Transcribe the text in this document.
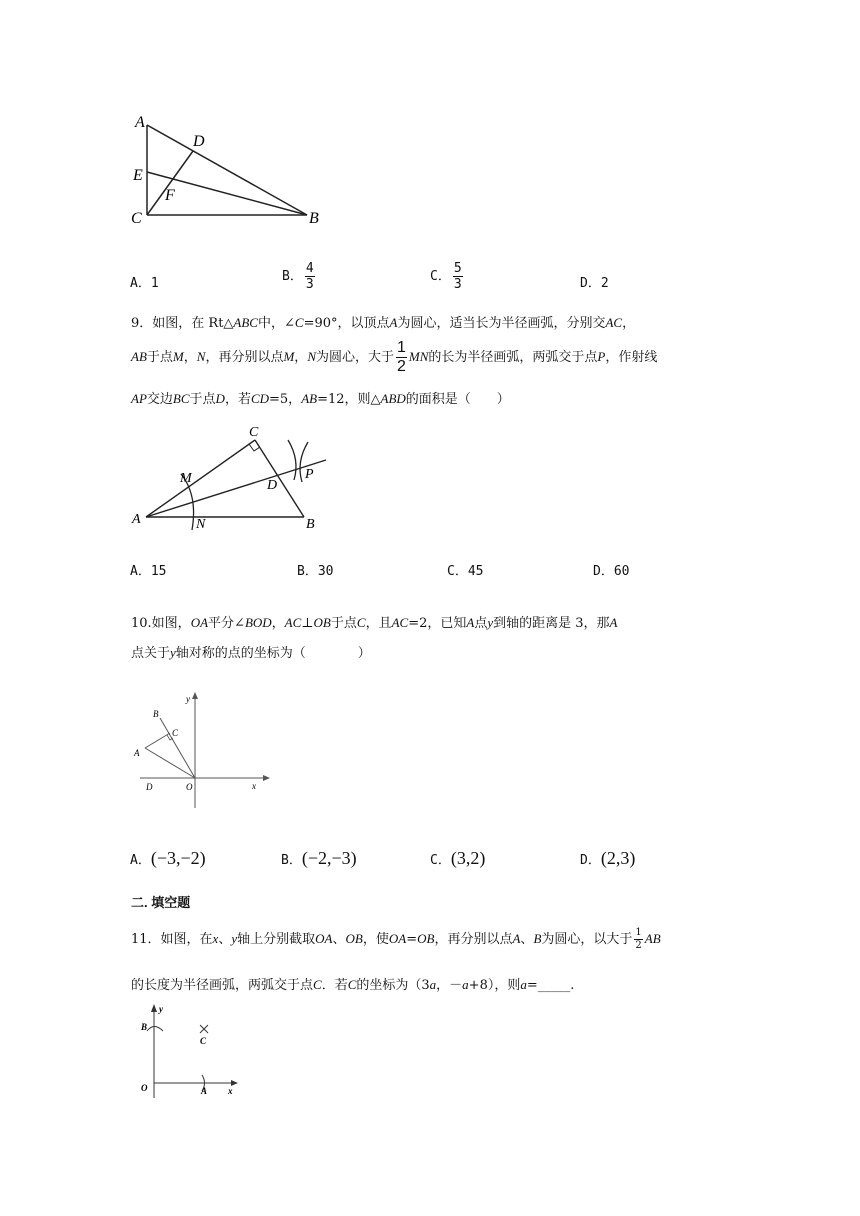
A
D
E
F
C	B
A．1	B． $\frac{4}{3}$	C． $\frac{5}{3}$	D．2
9．如图，在 Rt△ABC中，∠C=90°，以顶点A为圆心，适当长为半径画弧，分别交AC，
AB于点M，N，再分别以点M，N为圆心，大于 $\frac{1}{2}$ MN的长为半径画弧，两弧交于点P，作射线
AP交边BC于点D，若CD=5，AB=12，则△ABD的面积是（　　）
C
M	D
P
A	N	B
A．15	B．30	C．45	D．60
10.如图，OA平分∠BOD，AC⊥OB于点C，且AC=2，已知A点y到轴的距离是 3，那A
点关于y轴对称的点的坐标为（　　　　）
y
B
C
A
D	O	x
A．(−3,−2)	B．(−2,−3)	C．(3,2)	D．(2,3)
二. 填空题
11．如图，在x、y轴上分别截取OA、OB，使OA=OB，再分别以点A、B为圆心，以大于 $\frac{1}{2}$ AB
的长度为半径画弧，两弧交于点C．若C的坐标为（3a，－a+8），则a=_____.
y
B
C
O	A x
